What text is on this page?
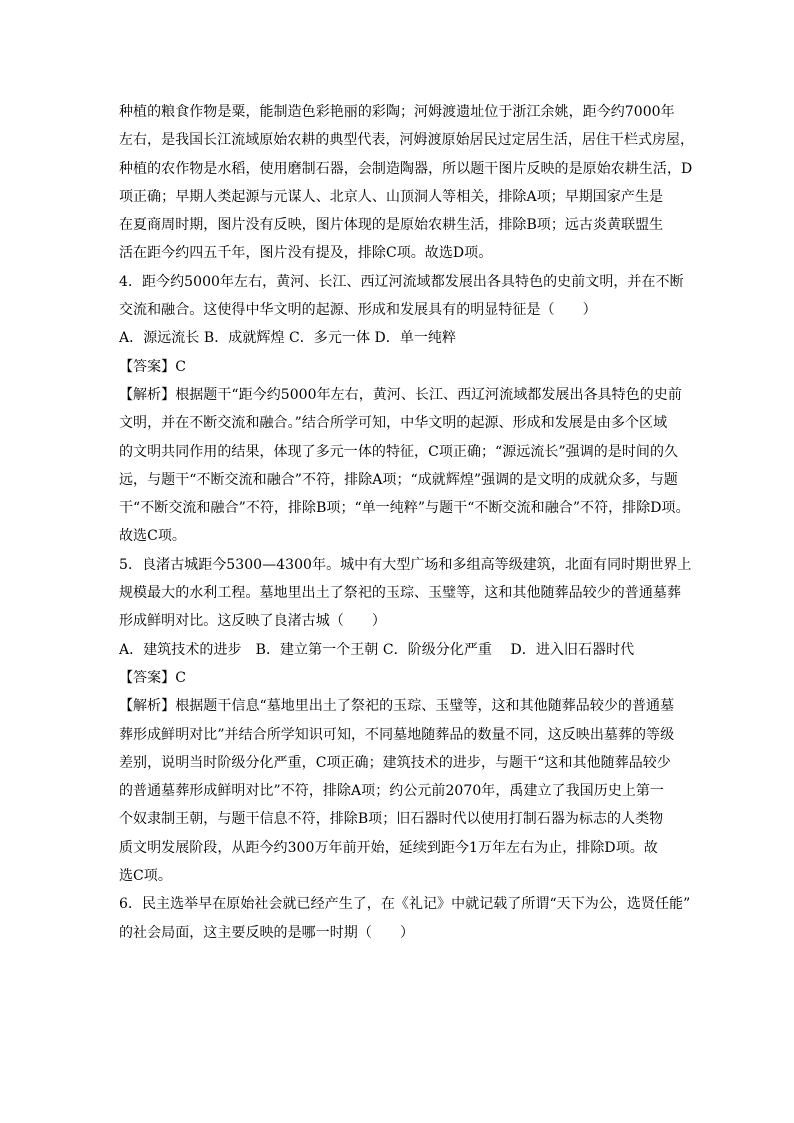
种植的粮食作物是粟，能制造色彩艳丽的彩陶；河姆渡遗址位于浙江余姚，距今约7000年
左右，是我国长江流域原始农耕的典型代表，河姆渡原始居民过定居生活，居住干栏式房屋，
种植的农作物是水稻，使用磨制石器，会制造陶器，所以题干图片反映的是原始农耕生活，D
项正确；早期人类起源与元谋人、北京人、山顶洞人等相关，排除A项；早期国家产生是
在夏商周时期，图片没有反映，图片体现的是原始农耕生活，排除B项；远古炎黄联盟生
活在距今约四五千年，图片没有提及，排除C项。故选D项。
4．距今约5000年左右，黄河、长江、西辽河流域都发展出各具特色的史前文明，并在不断
交流和融合。这使得中华文明的起源、形成和发展具有的明显特征是（　　）
A．源远流长 B．成就辉煌 C．多元一体 D．单一纯粹
【答案】C
【解析】根据题干“距今约5000年左右，黄河、长江、西辽河流域都发展出各具特色的史前
文明，并在不断交流和融合。”结合所学可知，中华文明的起源、形成和发展是由多个区域
的文明共同作用的结果，体现了多元一体的特征，C项正确；“源远流长”强调的是时间的久
远，与题干“不断交流和融合”不符，排除A项；“成就辉煌”强调的是文明的成就众多，与题
干“不断交流和融合”不符，排除B项；“单一纯粹”与题干“不断交流和融合”不符，排除D项。
故选C项。
5．良渚古城距今5300—4300年。城中有大型广场和多组高等级建筑，北面有同时期世界上
规模最大的水利工程。墓地里出土了祭祀的玉琮、玉璧等，这和其他随葬品较少的普通墓葬
形成鲜明对比。这反映了良渚古城（　　）
A．建筑技术的进步　B．建立第一个王朝 C．阶级分化严重　 D．进入旧石器时代
【答案】C
【解析】根据题干信息“墓地里出土了祭祀的玉琮、玉璧等，这和其他随葬品较少的普通墓
葬形成鲜明对比”并结合所学知识可知，不同墓地随葬品的数量不同，这反映出墓葬的等级
差别，说明当时阶级分化严重，C项正确；建筑技术的进步，与题干“这和其他随葬品较少
的普通墓葬形成鲜明对比”不符，排除A项；约公元前2070年，禹建立了我国历史上第一
个奴隶制王朝，与题干信息不符，排除B项；旧石器时代以使用打制石器为标志的人类物
质文明发展阶段，从距今约300万年前开始，延续到距今1万年左右为止，排除D项。故
选C项。
6．民主选举早在原始社会就已经产生了，在《礼记》中就记载了所谓“天下为公，选贤任能”
的社会局面，这主要反映的是哪一时期（　　）
